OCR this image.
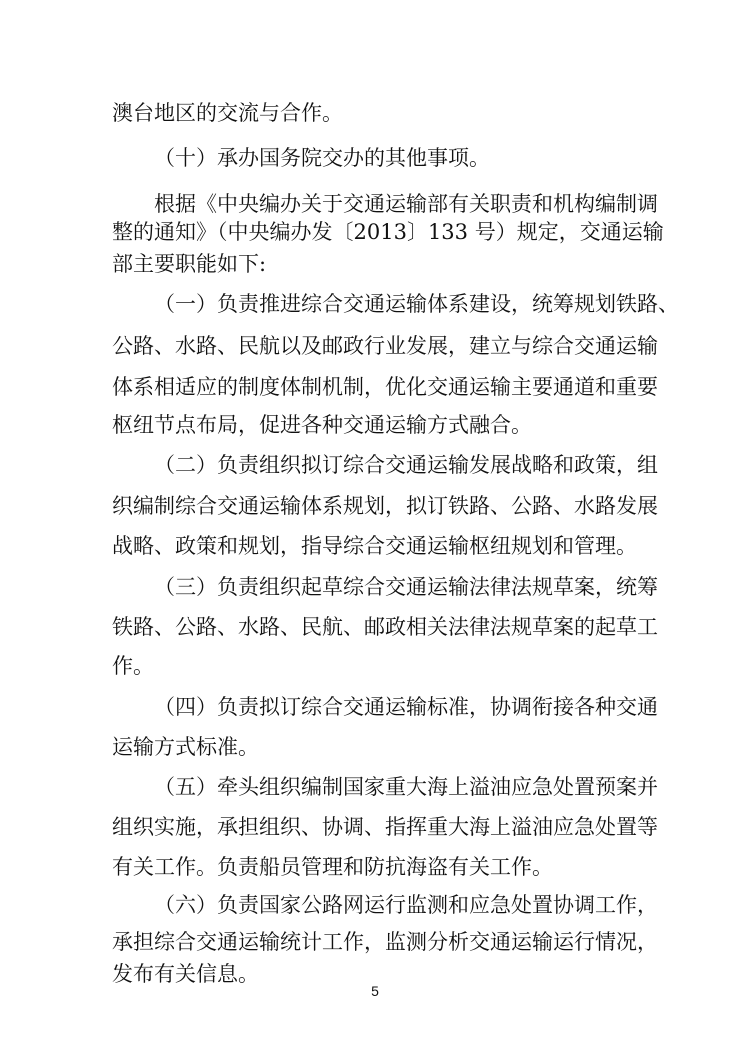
澳台地区的交流与合作。
（十）承办国务院交办的其他事项。
根据《中央编办关于交通运输部有关职责和机构编制调
整的通知》（中央编办发〔2013〕133 号）规定，交通运输
部主要职能如下:
（一）负责推进综合交通运输体系建设，统筹规划铁路、
公路、水路、民航以及邮政行业发展，建立与综合交通运输
体系相适应的制度体制机制，优化交通运输主要通道和重要
枢纽节点布局，促进各种交通运输方式融合。
（二）负责组织拟订综合交通运输发展战略和政策，组
织编制综合交通运输体系规划，拟订铁路、公路、水路发展
战略、政策和规划，指导综合交通运输枢纽规划和管理。
（三）负责组织起草综合交通运输法律法规草案，统筹
铁路、公路、水路、民航、邮政相关法律法规草案的起草工
作。
（四）负责拟订综合交通运输标准，协调衔接各种交通
运输方式标准。
（五）牵头组织编制国家重大海上溢油应急处置预案并
组织实施，承担组织、协调、指挥重大海上溢油应急处置等
有关工作。负责船员管理和防抗海盗有关工作。
（六）负责国家公路网运行监测和应急处置协调工作，
承担综合交通运输统计工作，监测分析交通运输运行情况，
发布有关信息。
5
